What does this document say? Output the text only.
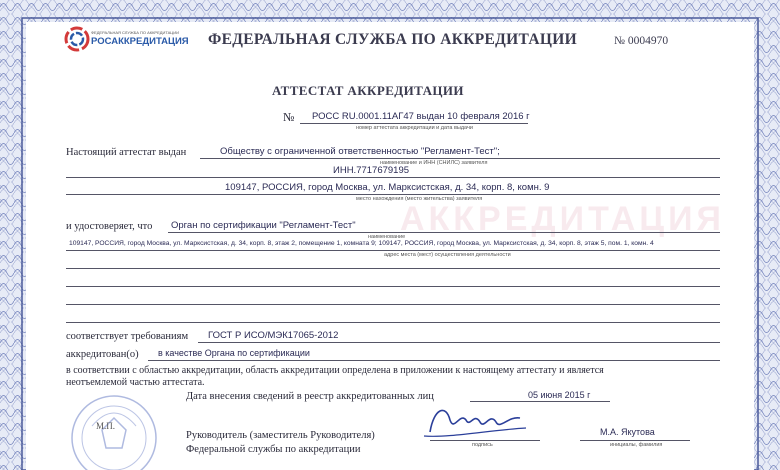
АККРЕДИТАЦИЯ
ФЕДЕРАЛЬНАЯ СЛУЖБА ПО АККРЕДИТАЦИИ
РОСАККРЕДИТАЦИЯ ФЕДЕРАЛЬНАЯ СЛУЖБА ПО АККРЕДИТАЦИИ	№ 0004970
АТТЕСТАТ АККРЕДИТАЦИИ
№ РОСС RU.0001.11АГ47 выдан 10 февраля 2016 г
номер аттестата аккредитации и дата выдачи
Настоящий аттестат выдан	Обществу с ограниченной ответственностью "Регламент-Тест";
наименование и ИНН (СНИЛС) заявителя
ИНН.7717679195
109147, РОССИЯ, город Москва, ул. Марксистская, д. 34, корп. 8, комн. 9
место нахождения (место жительства) заявителя
и удостоверяет, что Орган по сертификации "Регламент-Тест"
наименование
109147, РОССИЯ, город Москва, ул. Марксистская, д. 34, корп. 8, этаж 2, помещение 1, комната 9; 109147, РОССИЯ, город Москва, ул. Марксистская, д. 34, корп. 8, этаж 5, пом. 1, комн. 4
адрес места (мест) осуществления деятельности
соответствует требованиям ГОСТ Р ИСО/МЭК17065-2012
аккредитован(о) в качестве Органа по сертификации
в соответствии с областью аккредитации, область аккредитации определена в приложении к настоящему аттестату и является
неотъемлемой частью аттестата.
Дата внесения сведений в реестр аккредитованных лиц	05 июня 2015 г
М.П.
Руководитель (заместитель Руководителя)
Федеральной службы по аккредитации	подпись
М.А. Якутова
инициалы, фамилия
